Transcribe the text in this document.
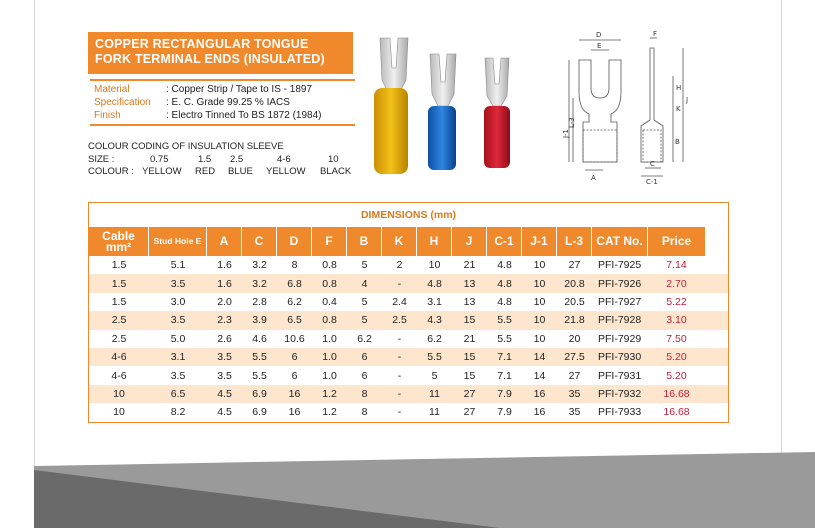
COPPER RECTANGULAR TONGUE
FORK TERMINAL ENDS (INSULATED)
Material	: Copper Strip / Tape to IS - 1897
Specification	: E. C. Grade 99.25 % IACS
Finish	: Electro Tinned To BS 1872 (1984)
COLOUR CODING OF INSULATION SLEEVE
SIZE :	0.75	1.5 2.5	4-6	10
COLOUR : YELLOW RED BLUE YELLOW BLACK
D
E
F
H
K
J
L-3
J-1
B
A
C
C-1
DIMENSIONS (mm)
Cable mm²	Stud Hole E	A	C	D	F	B	K	H	J	C-1	J-1	L-3	CAT No.	Price
1.5	5.1	1.6	3.2	8	0.8	5	2	10	21	4.8	10	27	PFI-7925	7.14
1.5	3.5	1.6	3.2	6.8	0.8	4	-	4.8	13	4.8	10	20.8	PFI-7926	2.70
1.5	3.0	2.0	2.8	6.2	0.4	5	2.4	3.1	13	4.8	10	20.5	PFI-7927	5.22
2.5	3.5	2.3	3.9	6.5	0.8	5	2.5	4.3	15	5.5	10	21.8	PFI-7928	3.10
2.5	5.0	2.6	4.6	10.6	1.0	6.2	-	6.2	21	5.5	10	20	PFI-7929	7.50
4-6	3.1	3.5	5.5	6	1.0	6	-	5.5	15	7.1	14	27.5	PFI-7930	5.20
4-6	3.5	3.5	5.5	6	1.0	6	-	5	15	7.1	14	27	PFI-7931	5.20
10	6.5	4.5	6.9	16	1.2	8	-	11	27	7.9	16	35	PFI-7932	16.68
10	8.2	4.5	6.9	16	1.2	8	-	11	27	7.9	16	35	PFI-7933	16.68
